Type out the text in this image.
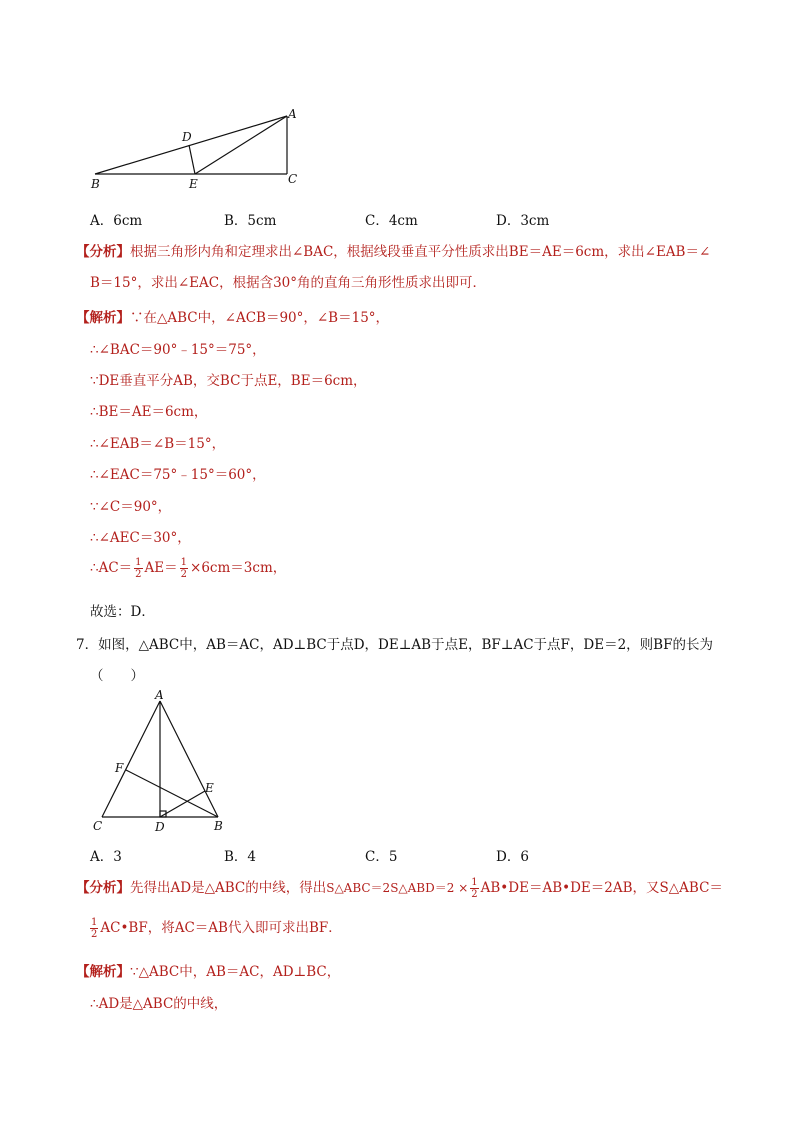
B	E	C
A
D
A．6cm	B．5cm	C．4cm	D．3cm
【分析】根据三角形内角和定理求出∠BAC，根据线段垂直平分性质求出BE＝AE＝6cm，求出∠EAB＝∠
B＝15°，求出∠EAC，根据含30°角的直角三角形性质求出即可．
【解析】∵在△ABC中，∠ACB＝90°，∠B＝15°，
∴∠BAC＝90°﹣15°＝75°，
∵DE垂直平分AB，交BC于点E，BE＝6cm，
∴BE＝AE＝6cm，
∴∠EAB＝∠B＝15°，
∴∠EAC＝75°﹣15°＝60°，
∵∠C＝90°，
∴∠AEC＝30°，
∴AC＝ $\frac{1}{2} AE= \frac{1}{2} \times 6cm=3cm$，
故选：D．
7．如图，△ABC中，AB＝AC，AD⊥BC于点D，DE⊥AB于点E，BF⊥AC于点F，DE＝2，则BF的长为
（　　）
A
F
E
C	D	B
A．3	B．4	C．5	D．6
【分析】先得出AD是△ABC的中线，得出S△ABC＝2S△ABD＝2 × $\frac{1}{2}$ AB•DE＝AB•DE＝2AB，又S△ABC＝
$\frac{1}{2}$ AC•BF，将AC＝AB代入即可求出BF．
【解析】∵△ABC中，AB＝AC，AD⊥BC，
∴AD是△ABC的中线，
